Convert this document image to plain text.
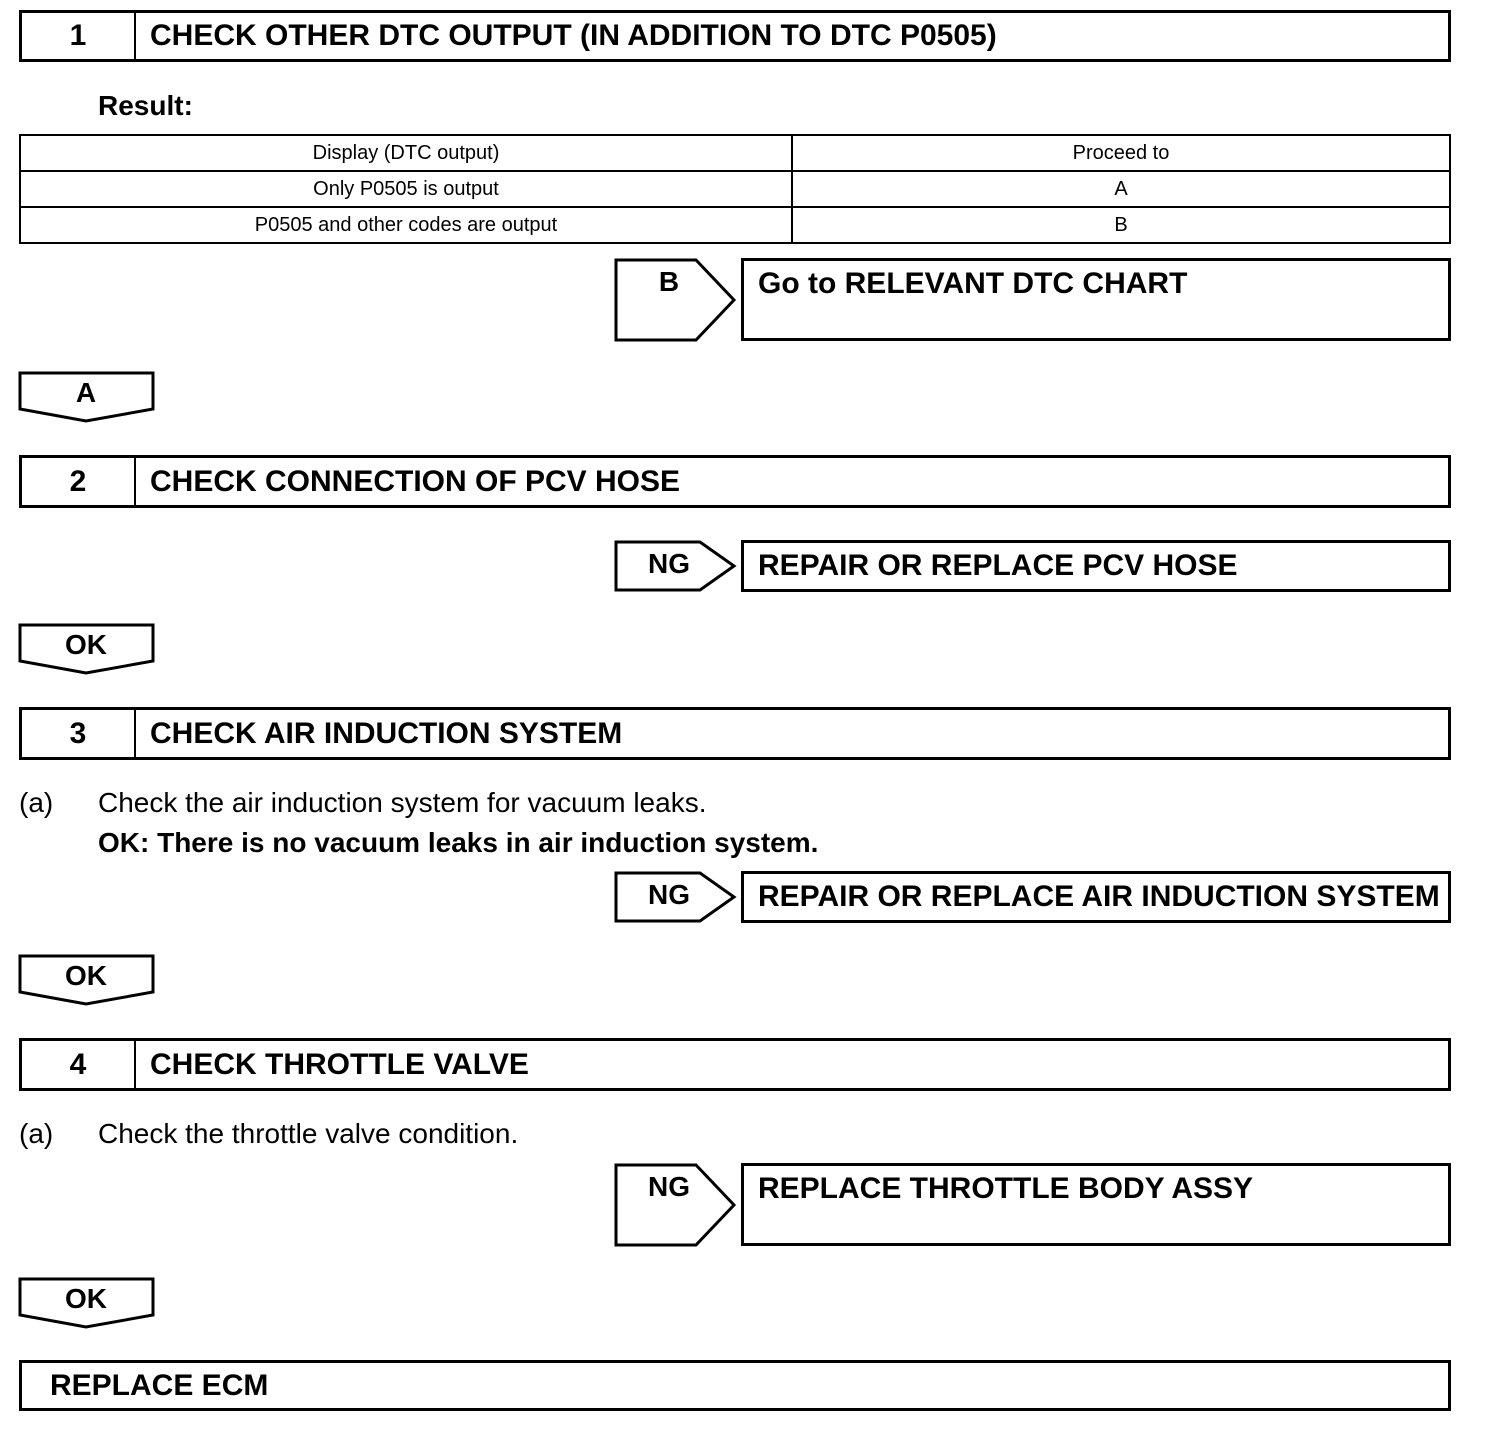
1	CHECK OTHER DTC OUTPUT (IN ADDITION TO DTC P0505)
Result:
Display (DTC output)	Proceed to
Only P0505 is output	A
P0505 and other codes are output	B
B	Go to RELEVANT DTC CHART
A
2	CHECK CONNECTION OF PCV HOSE
NG	REPAIR OR REPLACE PCV HOSE
OK
3	CHECK AIR INDUCTION SYSTEM
(a) Check the air induction system for vacuum leaks.
OK: There is no vacuum leaks in air induction system.
NG	REPAIR OR REPLACE AIR INDUCTION SYSTEM
OK
4	CHECK THROTTLE VALVE
(a) Check the throttle valve condition.
NG	REPLACE THROTTLE BODY ASSY
OK
REPLACE ECM
